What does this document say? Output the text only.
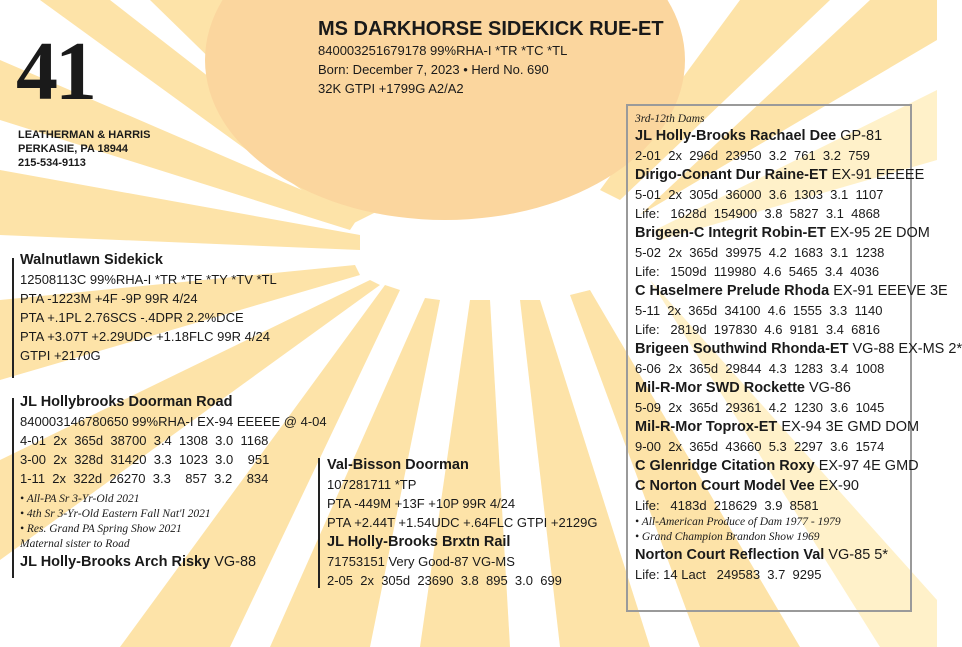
41
LEATHERMAN & HARRIS
PERKASIE, PA 18944
215-534-9113
MS DARKHORSE SIDEKICK RUE-ET
840003251679178 99%RHA-I *TR *TC *TL
Born: December 7, 2023 • Herd No. 690
32K GTPI +1799G A2/A2
Walnutlawn Sidekick
12508113C 99%RHA-I *TR *TE *TY *TV *TL
PTA -1223M +4F -9P 99R 4/24
PTA +.1PL 2.76SCS -.4DPR 2.2%DCE
PTA +3.07T +2.29UDC +1.18FLC 99R 4/24
GTPI +2170G
JL Hollybrooks Doorman Road
840003146780650 99%RHA-I EX-94 EEEEE @ 4-04
4-01  2x  365d  38700  3.4  1308  3.0  1168
3-00  2x  328d  31420  3.3  1023  3.0    951
1-11  2x  322d  26270  3.3    857  3.2    834
• All-PA Sr 3-Yr-Old 2021
• 4th Sr 3-Yr-Old Eastern Fall Nat'l 2021
• Res. Grand PA Spring Show 2021
Maternal sister to Road
JL Holly-Brooks Arch Risky VG-88
Val-Bisson Doorman
107281711 *TP
PTA -449M +13F +10P 99R 4/24
PTA +2.44T +1.54UDC +.64FLC GTPI +2129G
JL Holly-Brooks Brxtn Rail
71753151 Very Good-87 VG-MS
2-05  2x  305d  23690  3.8  895  3.0  699
3rd-12th Dams
JL Holly-Brooks Rachael Dee GP-81
2-01  2x  296d  23950  3.2  761  3.2  759
Dirigo-Conant Dur Raine-ET EX-91 EEEEE
5-01  2x  305d  36000  3.6  1303  3.1  1107
Life:   1628d  154900  3.8  5827  3.1  4868
Brigeen-C Integrit Robin-ET EX-95 2E DOM
5-02  2x  365d  39975  4.2  1683  3.1  1238
Life:   1509d  119980  4.6  5465  3.4  4036
C Haselmere Prelude Rhoda EX-91 EEEVE 3E
5-11  2x  365d  34100  4.6  1555  3.3  1140
Life:   2819d  197830  4.6  9181  3.4  6816
Brigeen Southwind Rhonda-ET VG-88 EX-MS 2*
6-06  2x  365d  29844  4.3  1283  3.4  1008
Mil-R-Mor SWD Rockette VG-86
5-09  2x  365d  29361  4.2  1230  3.6  1045
Mil-R-Mor Toprox-ET EX-94 3E GMD DOM
9-00  2x  365d  43660  5.3  2297  3.6  1574
C Glenridge Citation Roxy EX-97 4E GMD
C Norton Court Model Vee EX-90
Life:   4183d  218629  3.9  8581
• All-American Produce of Dam 1977 - 1979
• Grand Champion Brandon Show 1969
Norton Court Reflection Val VG-85 5*
Life: 14 Lact   249583  3.7  9295
